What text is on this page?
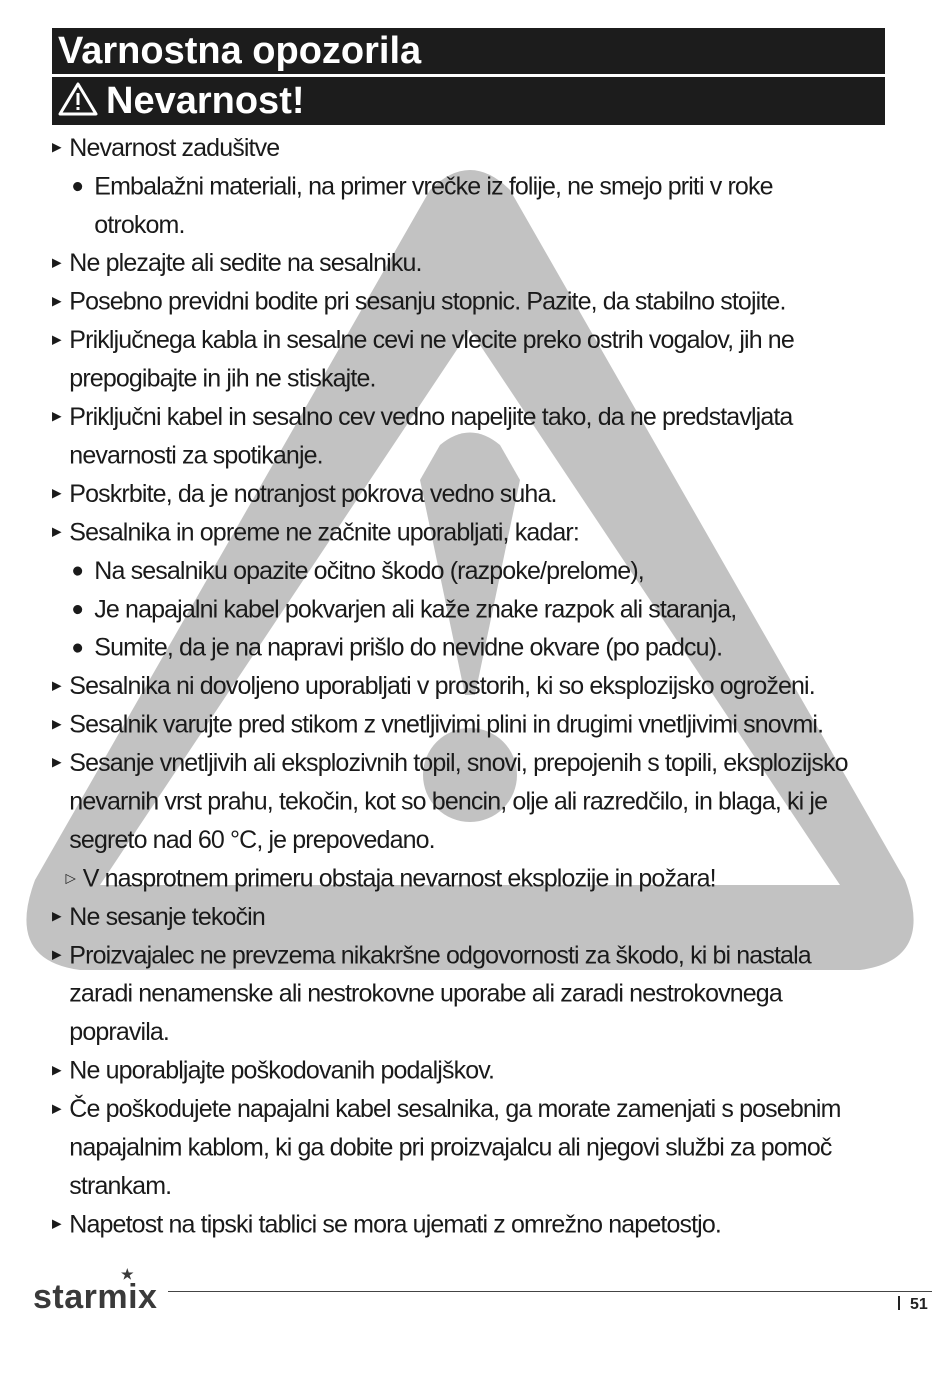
Varnostna opozorila
Nevarnost!
▶ Nevarnost zadušitve
● Embalažni materiali, na primer vrečke iz folije, ne smejo priti v roke otrokom.
▶ Ne plezajte ali sedite na sesalniku.
▶ Posebno previdni bodite pri sesanju stopnic. Pazite, da stabilno stojite.
▶ Priključnega kabla in sesalne cevi ne vlecite preko ostrih vogalov, jih ne prepogibajte in jih ne stiskajte.
▶ Priključni kabel in sesalno cev vedno napeljite tako, da ne predstavljata nevarnosti za spotikanje.
▶ Poskrbite, da je notranjost pokrova vedno suha.
▶ Sesalnika in opreme ne začnite uporabljati, kadar:
● Na sesalniku opazite očitno škodo (razpoke/prelome),
● Je napajalni kabel pokvarjen ali kaže znake razpok ali staranja,
● Sumite, da je na napravi prišlo do nevidne okvare (po padcu).
▶ Sesalnika ni dovoljeno uporabljati v prostorih, ki so eksplozijsko ogroženi.
▶ Sesalnik varujte pred stikom z vnetljivimi plini in drugimi vnetljivimi snovmi.
▶ Sesanje vnetljivih ali eksplozivnih topil, snovi, prepojenih s topili, eksplozijsko nevarnih vrst prahu, tekočin, kot so bencin, olje ali razredčilo, in blaga, ki je segreto nad 60 °C, je prepovedano.
▷ V nasprotnem primeru obstaja nevarnost eksplozije in požara!
▶ Ne sesanje tekočin
▶ Proizvajalec ne prevzema nikakršne odgovornosti za škodo, ki bi nastala zaradi nenamenske ali nestrokovne uporabe ali zaradi nestrokovnega popravila.
▶ Ne uporabljajte poškodovanih podaljškov.
▶ Če poškodujete napajalni kabel sesalnika, ga morate zamenjati s posebnim napajalnim kablom, ki ga dobite pri proizvajalcu ali njegovi službi za pomoč strankam.
▶ Napetost na tipski tablici se mora ujemati z omrežno napetostjo.
starmix
★
51
